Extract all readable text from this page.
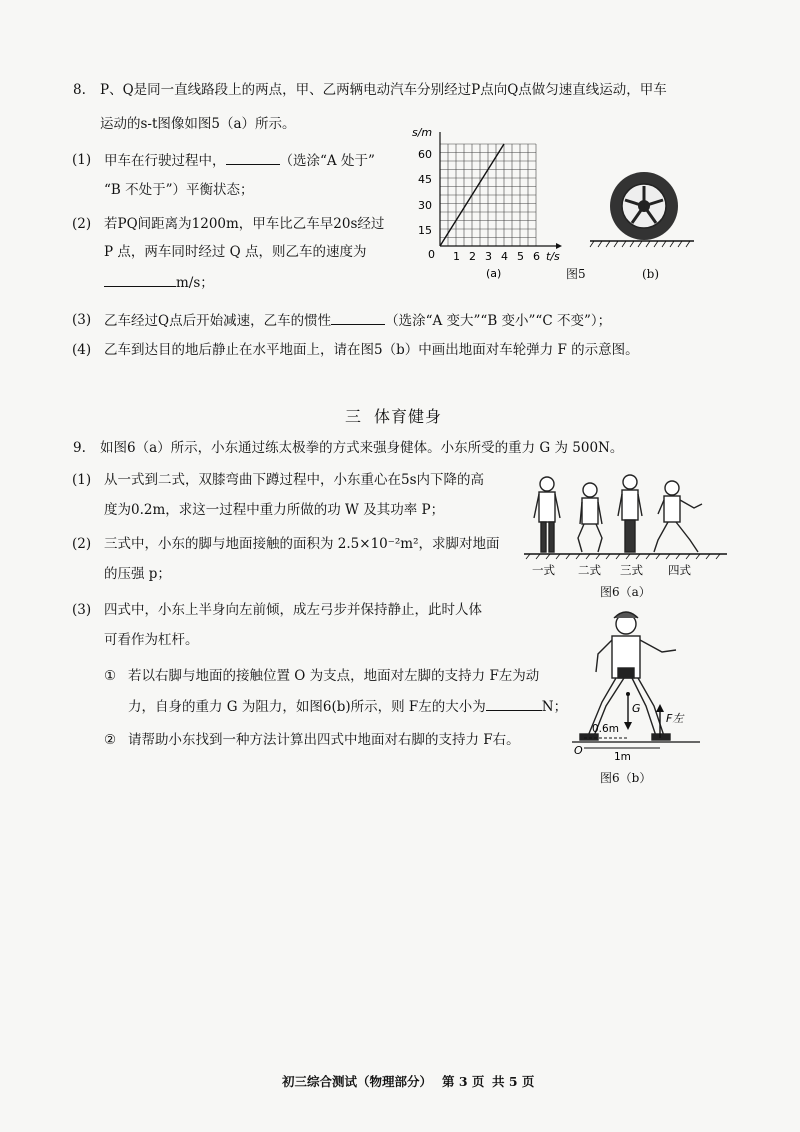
8. P、Q是同一直线路段上的两点，甲、乙两辆电动汽车分别经过P点向Q点做匀速直线运动，甲车
运动的s-t图像如图5（a）所示。
(1) 甲车在行驶过程中，	（选涂“A 处于”
“B 不处于”）平衡状态；
(2) 若PQ间距离为1200m，甲车比乙车早20s经过
P 点，两车同时经过 Q 点，则乙车的速度为
m/s；
(3) 乙车经过Q点后开始减速，乙车的惯性	（选涂“A 变大”“B 变小”“C 不变”）；
(4) 乙车到达目的地后静止在水平地面上，请在图5（b）中画出地面对车轮弹力 F 的示意图。
s/m
60
45
30
15
0 1 2 3 4 5 6 t/s
(a)	图5	(b)
三 体育健身
9. 如图6（a）所示，小东通过练太极拳的方式来强身健体。小东所受的重力 G 为 500N。
(1) 从一式到二式，双膝弯曲下蹲过程中，小东重心在5s内下降的高
度为0.2m，求这一过程中重力所做的功 W 及其功率 P；
(2) 三式中，小东的脚与地面接触的面积为 2.5×10⁻²m²，求脚对地面
的压强 p；
(3) 四式中，小东上半身向左前倾，成左弓步并保持静止，此时人体
可看作为杠杆。
① 若以右脚与地面的接触位置 O 为支点，地面对左脚的支持力 F左为动
力，自身的重力 G 为阻力，如图6(b)所示，则 F左的大小为	N；
② 请帮助小东找到一种方法计算出四式中地面对右脚的支持力 F右。
一式 二式 三式 四式
图6（a）
G
F左
0.6m
1m
O
图6（b）
初三综合测试（物理部分） 第 3 页 共 5 页
